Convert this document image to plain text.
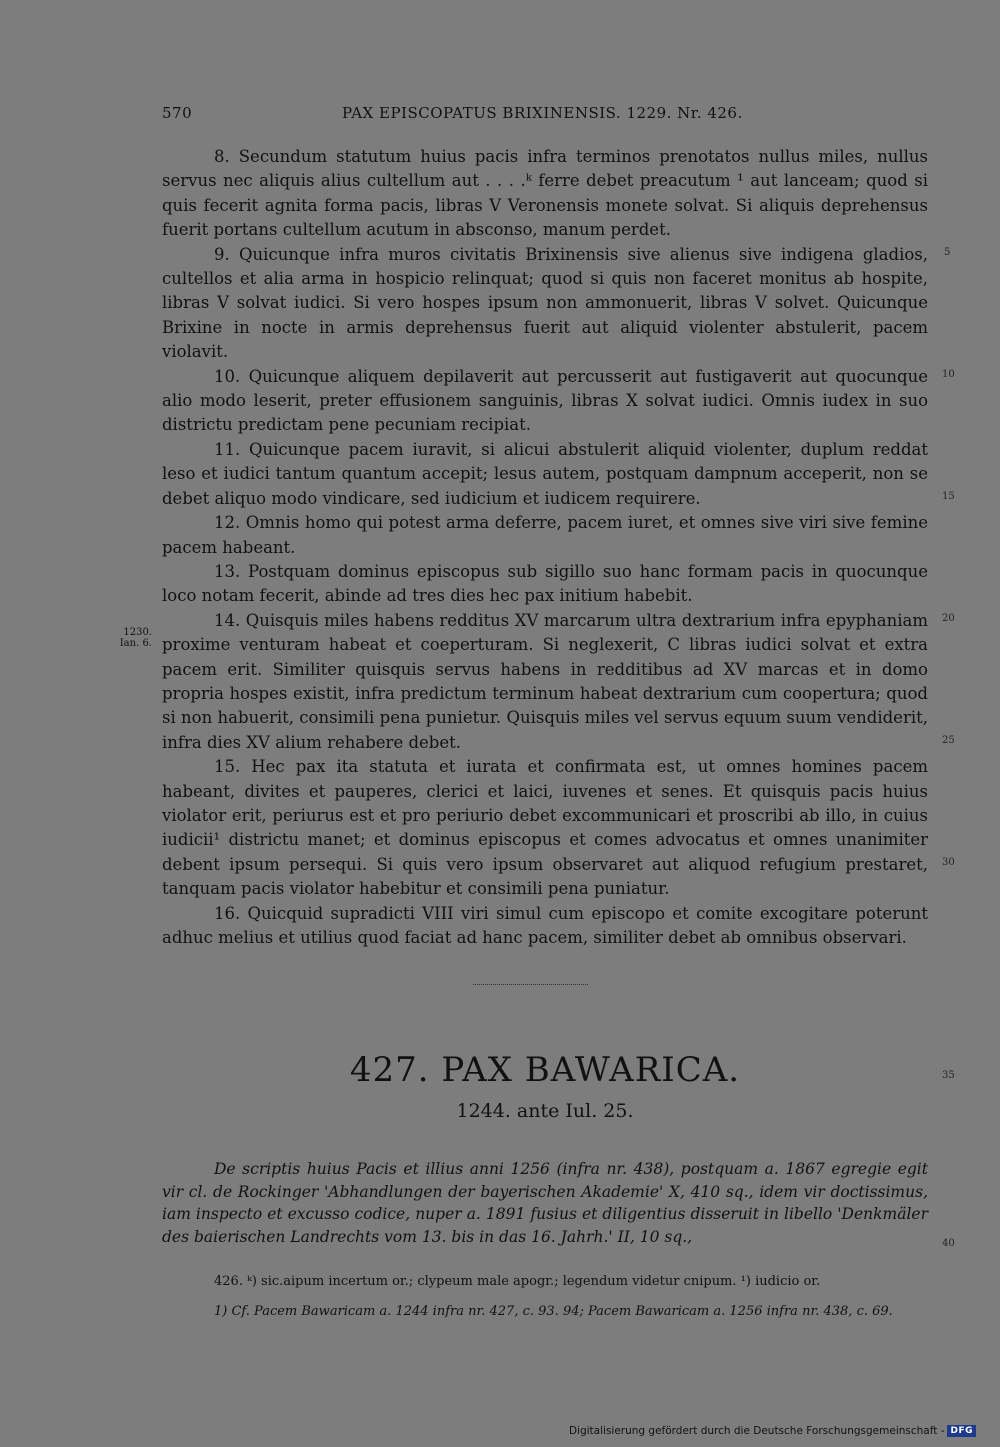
570	PAX EPISCOPATUS BRIXINENSIS. 1229. Nr. 426.

8. Secundum statutum huius pacis infra terminos prenotatos nullus miles, nullus servus nec aliquis alius cultellum aut . . . .ᵏ ferre debet preacutum ¹ aut lanceam; quod si quis fecerit agnita forma pacis, libras V Veronensis monete solvat. Si aliquis deprehensus fuerit portans cultellum acutum in absconso, manum perdet.

9. Quicunque infra muros civitatis Brixinensis sive alienus sive indigena gladios, cultellos et alia arma in hospicio relinquat; quod si quis non faceret monitus ab hospite, libras V solvat iudici. Si vero hospes ipsum non ammonuerit, libras V solvet. Quicunque Brixine in nocte in armis deprehensus fuerit aut aliquid violenter abstulerit, pacem violavit.

10. Quicunque aliquem depilaverit aut percusserit aut fustigaverit aut quocunque alio modo leserit, preter effusionem sanguinis, libras X solvat iudici. Omnis iudex in suo districtu predictam pene pecuniam recipiat.

11. Quicunque pacem iuravit, si alicui abstulerit aliquid violenter, duplum reddat leso et iudici tantum quantum accepit; lesus autem, postquam dampnum acceperit, non se debet aliquo modo vindicare, sed iudicium et iudicem requirere.

12. Omnis homo qui potest arma deferre, pacem iuret, et omnes sive viri sive femine pacem habeant.

13. Postquam dominus episcopus sub sigillo suo hanc formam pacis in quocunque loco notam fecerit, abinde ad tres dies hec pax initium habebit.

14. Quisquis miles habens redditus XV marcarum ultra dextrarium infra epyphaniam proxime venturam habeat et coeperturam. Si neglexerit, C libras iudici solvat et extra pacem erit. Similiter quisquis servus habens in redditibus ad XV marcas et in domo propria hospes existit, infra predictum terminum habeat dextrarium cum coopertura; quod si non habuerit, consimili pena punietur. Quisquis miles vel servus equum suum vendiderit, infra dies XV alium rehabere debet.

15. Hec pax ita statuta et iurata et confirmata est, ut omnes homines pacem habeant, divites et pauperes, clerici et laici, iuvenes et senes. Et quisquis pacis huius violator erit, periurus est et pro periurio debet excommunicari et proscribi ab illo, in cuius iudicii¹ districtu manet; et dominus episcopus et comes advocatus et omnes unanimiter debent ipsum persequi. Si quis vero ipsum observaret aut aliquod refugium prestaret, tanquam pacis violator habebitur et consimili pena puniatur.

16. Quicquid supradicti VIII viri simul cum episcopo et comite excogitare poterunt adhuc melius et utilius quod faciat ad hanc pacem, similiter debet ab omnibus observari.

1230.
Ian. 6.
5
10
15
20
25
30
35
40
427. PAX BAWARICA.
1244. ante Iul. 25.

De scriptis huius Pacis et illius anni 1256 (infra nr. 438), postquam a. 1867 egregie egit vir cl. de Rockinger 'Abhandlungen der bayerischen Akademie' X, 410 sq., idem vir doctissimus, iam inspecto et excusso codice, nuper a. 1891 fusius et diligentius disseruit in libello 'Denkmäler des baierischen Landrechts vom 13. bis in das 16. Jahrh.' II, 10 sq.,

426. ᵏ) sic.aipum incertum or.; clypeum male apogr.; legendum videtur cnipum. ¹) iudicio or.

1) Cf. Pacem Bawaricam a. 1244 infra nr. 427, c. 93. 94; Pacem Bawaricam a. 1256 infra nr. 438, c. 69.

Digitalisierung gefördert durch die Deutsche Forschungsgemeinschaft - DFG
